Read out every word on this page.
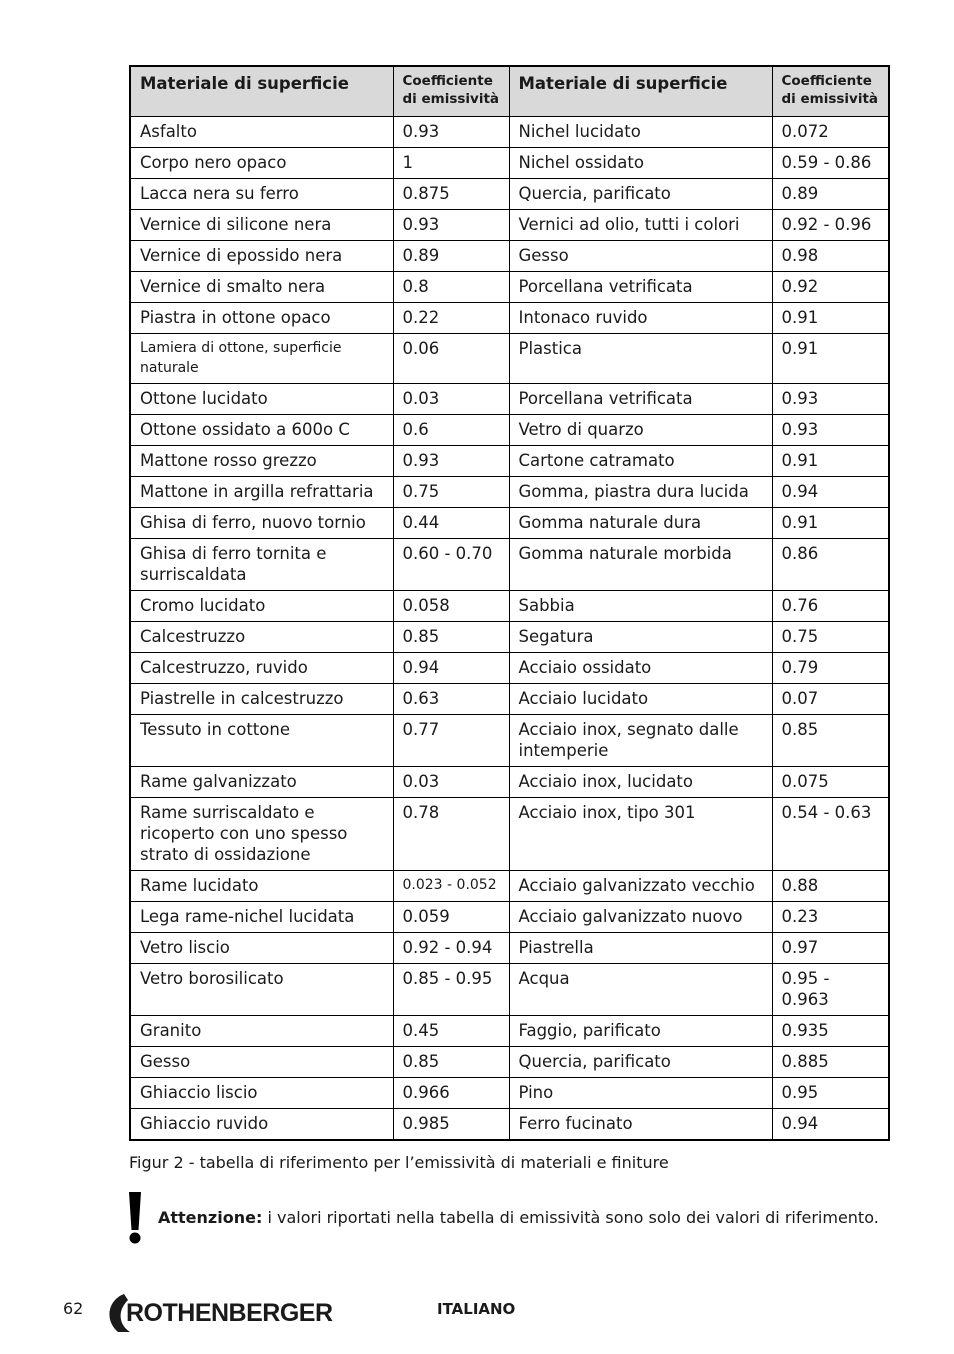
Materiale di superficie	Coefficiente di emissività	Materiale di superficie	Coefficiente di emissività
Asfalto	0.93	Nichel lucidato	0.072
Corpo nero opaco	1	Nichel ossidato	0.59 - 0.86
Lacca nera su ferro	0.875	Quercia, parificato	0.89
Vernice di silicone nera	0.93	Vernici ad olio, tutti i colori	0.92 - 0.96
Vernice di epossido nera	0.89	Gesso	0.98
Vernice di smalto nera	0.8	Porcellana vetrificata	0.92
Piastra in ottone opaco	0.22	Intonaco ruvido	0.91
Lamiera di ottone, superficie naturale	0.06	Plastica	0.91
Ottone lucidato	0.03	Porcellana vetrificata	0.93
Ottone ossidato a 600o C	0.6	Vetro di quarzo	0.93
Mattone rosso grezzo	0.93	Cartone catramato	0.91
Mattone in argilla refrattaria	0.75	Gomma, piastra dura lucida	0.94
Ghisa di ferro, nuovo tornio	0.44	Gomma naturale dura	0.91
Ghisa di ferro tornita e surriscaldata	0.60 - 0.70	Gomma naturale morbida	0.86
Cromo lucidato	0.058	Sabbia	0.76
Calcestruzzo	0.85	Segatura	0.75
Calcestruzzo, ruvido	0.94	Acciaio ossidato	0.79
Piastrelle in calcestruzzo	0.63	Acciaio lucidato	0.07
Tessuto in cottone	0.77	Acciaio inox, segnato dalle intemperie	0.85
Rame galvanizzato	0.03	Acciaio inox, lucidato	0.075
Rame surriscaldato e ricoperto con uno spesso strato di ossidazione	0.78	Acciaio inox, tipo 301	0.54 - 0.63
Rame lucidato	0.023 - 0.052	Acciaio galvanizzato vecchio	0.88
Lega rame-nichel lucidata	0.059	Acciaio galvanizzato nuovo	0.23
Vetro liscio	0.92 - 0.94	Piastrella	0.97
Vetro borosilicato	0.85 - 0.95	Acqua	0.95 - 0.963
Granito	0.45	Faggio, parificato	0.935
Gesso	0.85	Quercia, parificato	0.885
Ghiaccio liscio	0.966	Pino	0.95
Ghiaccio ruvido	0.985	Ferro fucinato	0.94
Figur 2 - tabella di riferimento per l’emissività di materiali e finiture
Attenzione: i valori riportati nella tabella di emissività sono solo dei valori di riferimento.
62 ROTHENBERGER	ITALIANO
